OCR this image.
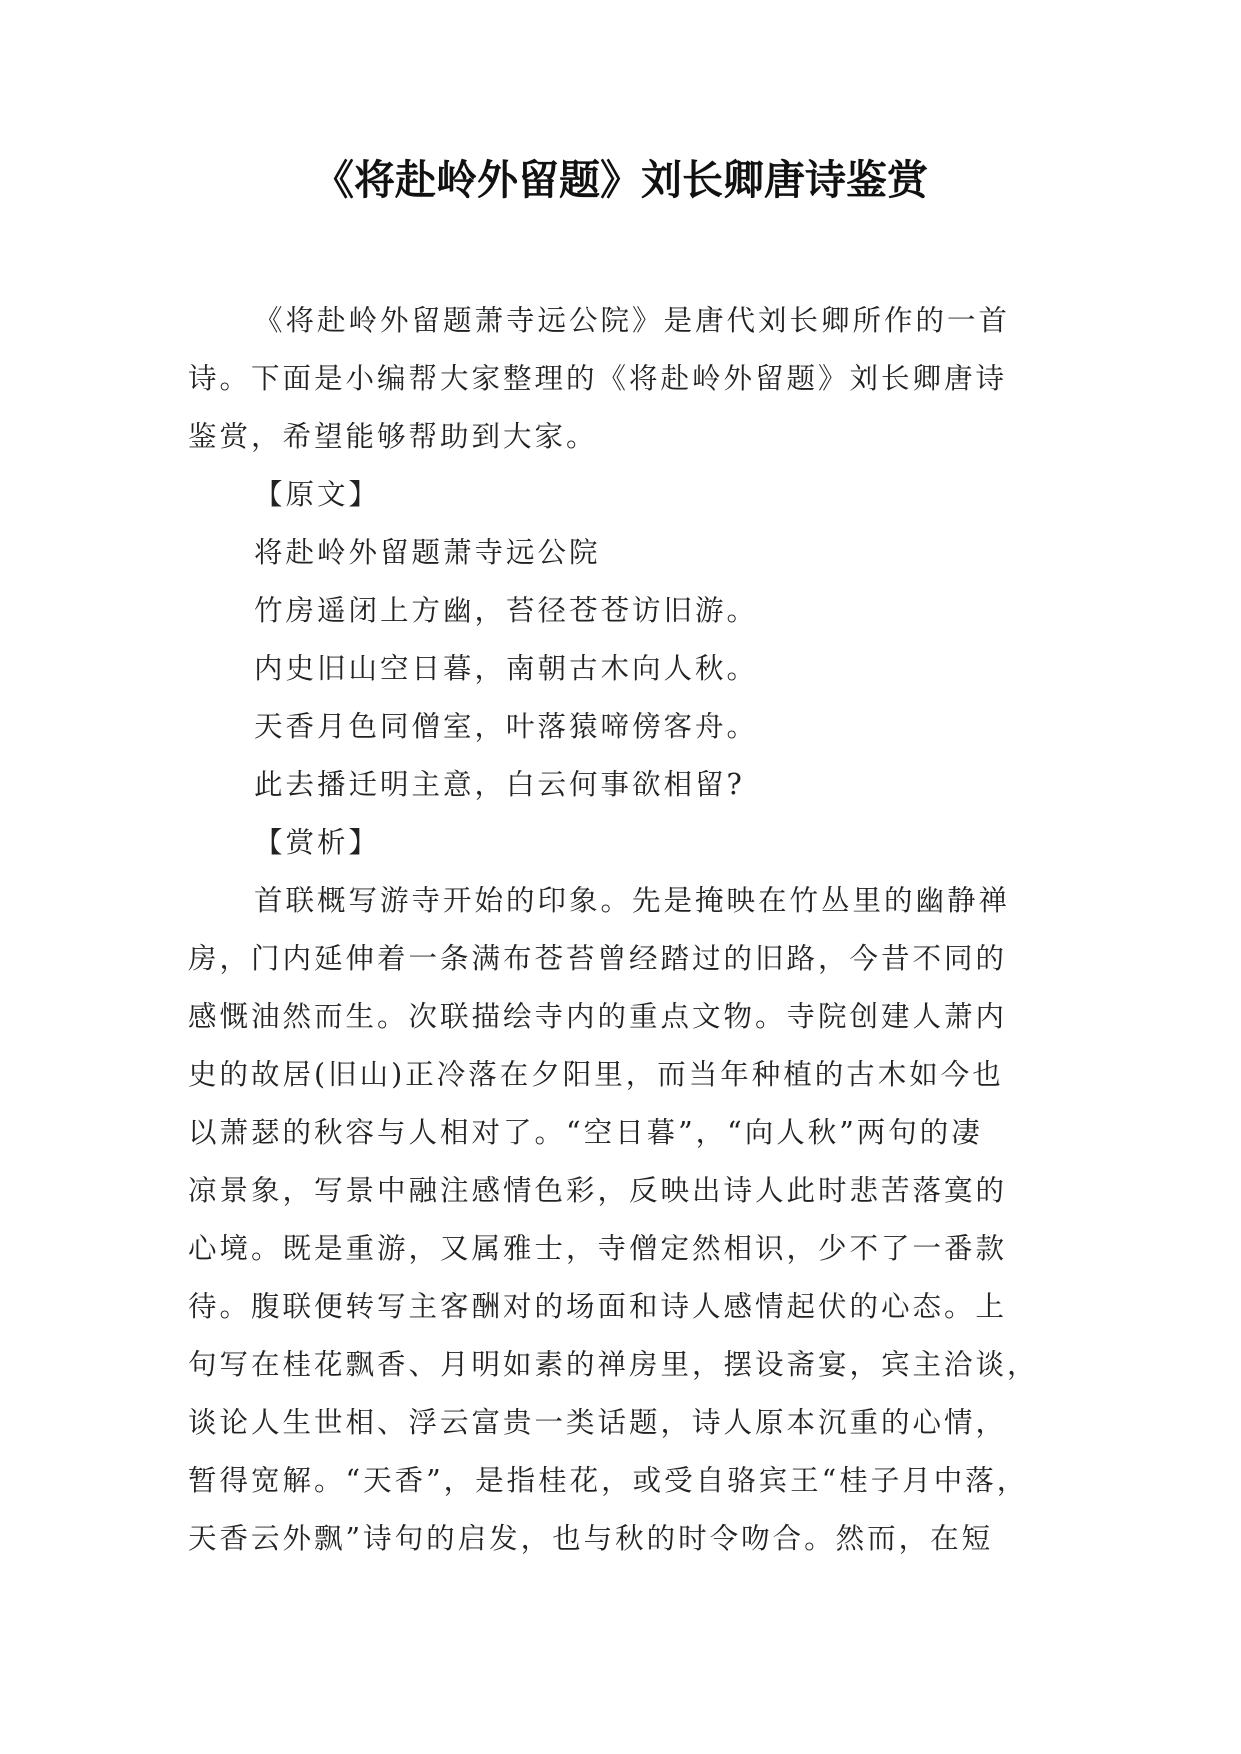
《将赴岭外留题》刘长卿唐诗鉴赏
《将赴岭外留题萧寺远公院》是唐代刘长卿所作的一首
诗。下面是小编帮大家整理的《将赴岭外留题》刘长卿唐诗
鉴赏，希望能够帮助到大家。
【原文】
将赴岭外留题萧寺远公院
竹房遥闭上方幽，苔径苍苍访旧游。
内史旧山空日暮，南朝古木向人秋。
天香月色同僧室，叶落猿啼傍客舟。
此去播迁明主意，白云何事欲相留?
【赏析】
首联概写游寺开始的印象。先是掩映在竹丛里的幽静禅
房，门内延伸着一条满布苍苔曾经踏过的旧路，今昔不同的
感慨油然而生。次联描绘寺内的重点文物。寺院创建人萧内
史的故居(旧山)正冷落在夕阳里，而当年种植的古木如今也
以萧瑟的秋容与人相对了。“空日暮”，“向人秋”两句的凄
凉景象，写景中融注感情色彩，反映出诗人此时悲苦落寞的
心境。既是重游，又属雅士，寺僧定然相识，少不了一番款
待。腹联便转写主客酬对的场面和诗人感情起伏的心态。上
句写在桂花飘香、月明如素的禅房里，摆设斋宴，宾主洽谈，
谈论人生世相、浮云富贵一类话题，诗人原本沉重的心情，
暂得宽解。“天香”，是指桂花，或受自骆宾王“桂子月中落，
天香云外飘”诗句的启发，也与秋的时令吻合。然而，在短
